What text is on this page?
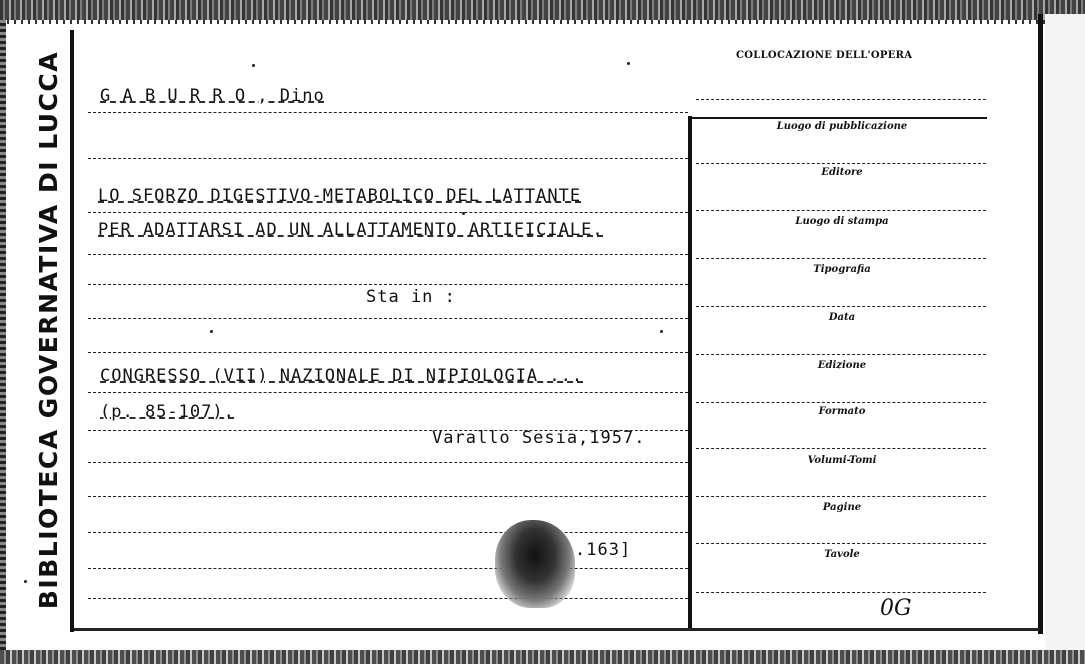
BIBLIOTECA GOVERNATIVA DI LUCCA G A B U R R O , Dino
LO SFORZO DIGESTIVO-METABOLICO DEL LATTANTE
PER ADATTARSI AD UN ALLATTAMENTO ARTIFICIALE.
Sta in :
CONGRESSO (VII) NAZIONALE DI NIPIOLOGIA ...
(p. 85-107).
Varallo Sesia,1957.
.163]
COLLOCAZIONE DELL'OPERA
Luogo di pubblicazione
Editore
Luogo di stampa
Tipografia
Data
Edizione
Formato
Volumi-Tomi
Pagine
Tavole
0G
